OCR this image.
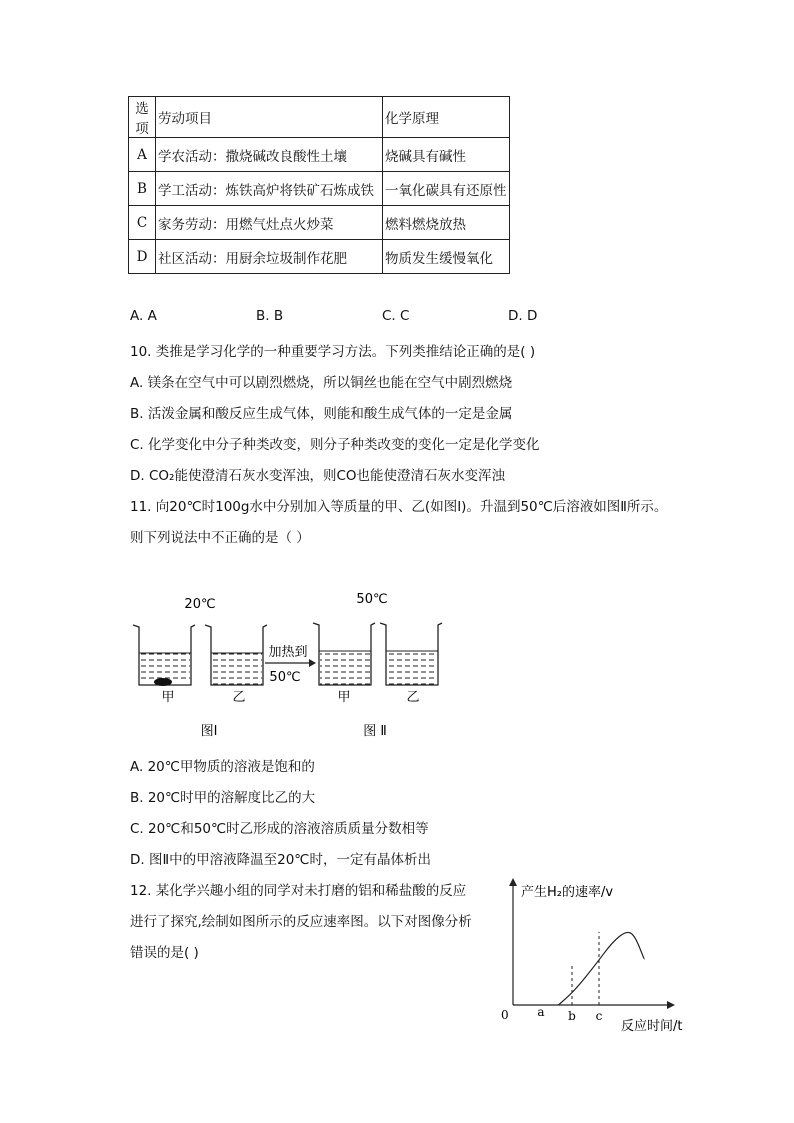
选项	劳动项目	化学原理
A	学农活动：撒烧碱改良酸性土壤	烧碱具有碱性
B	学工活动：炼铁高炉将铁矿石炼成铁	一氧化碳具有还原性
C	家务劳动：用燃气灶点火炒菜	燃料燃烧放热
D	社区活动：用厨余垃圾制作花肥	物质发生缓慢氧化
A. A	B. B	C. C	D. D
10. 类推是学习化学的一种重要学习方法。下列类推结论正确的是( )
A. 镁条在空气中可以剧烈燃烧，所以铜丝也能在空气中剧烈燃烧
B. 活泼金属和酸反应生成气体，则能和酸生成气体的一定是金属
C. 化学变化中分子种类改变，则分子种类改变的变化一定是化学变化
D. CO₂能使澄清石灰水变浑浊，则CO也能使澄清石灰水变浑浊
11. 向20℃时100g水中分别加入等质量的甲、乙(如图Ⅰ)。升温到50℃后溶液如图Ⅱ所示。
则下列说法中不正确的是（ ）
20℃	50℃
加热到
50℃
甲	乙	甲	乙
图Ⅰ	图 Ⅱ
A. 20℃甲物质的溶液是饱和的
B. 20℃时甲的溶解度比乙的大
C. 20℃和50℃时乙形成的溶液溶质质量分数相等
D. 图Ⅱ中的甲溶液降温至20℃时，一定有晶体析出
12. 某化学兴趣小组的同学对未打磨的铝和稀盐酸的反应
进行了探究,绘制如图所示的反应速率图。以下对图像分析
错误的是( )
产生H₂的速率/v
反应时间/t
0 a b c
